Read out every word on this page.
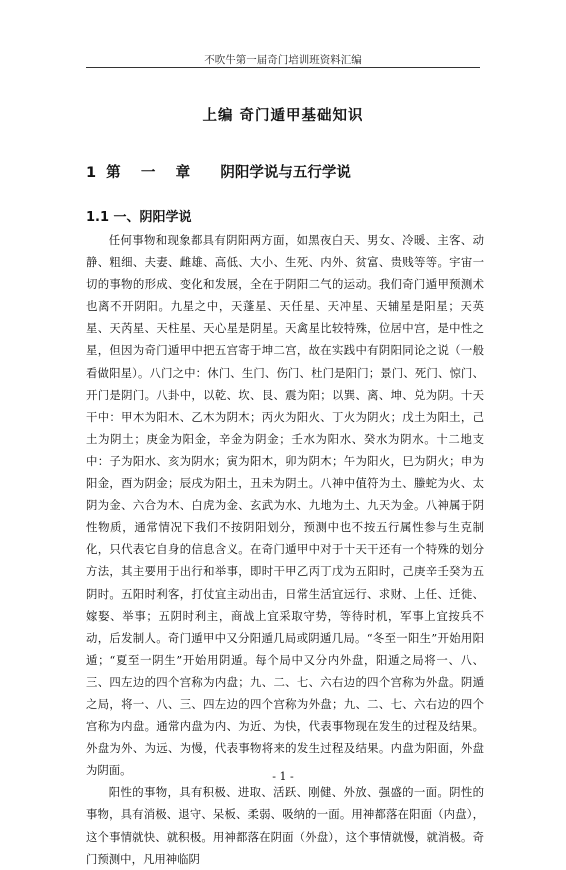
不吹牛第一届奇门培训班资料汇编
上编 奇门遁甲基础知识
1  第    一    章      阴阳学说与五行学说
1.1 一、阴阳学说

任何事物和现象都具有阴阳两方面，如黑夜白天、男女、冷暖、主客、动静、粗细、夫妻、雌雄、高低、大小、生死、内外、贫富、贵贱等等。宇宙一切的事物的形成、变化和发展，全在于阴阳二气的运动。我们奇门遁甲预测术也离不开阴阳。九星之中，天蓬星、天任星、天冲星、天辅星是阳星；天英星、天芮星、天柱星、天心星是阴星。天禽星比较特殊，位居中宫，是中性之星，但因为奇门遁甲中把五宫寄于坤二宫，故在实践中有阴阳同论之说（一般看做阳星）。八门之中：休门、生门、伤门、杜门是阳门；景门、死门、惊门、开门是阴门。八卦中，以乾、坎、艮、震为阳；以巽、离、坤、兑为阴。十天干中：甲木为阳木、乙木为阴木；丙火为阳火、丁火为阴火；戊土为阳土，己土为阴土；庚金为阳金，辛金为阴金；壬水为阳水、癸水为阴水。十二地支中：子为阳水、亥为阴水；寅为阳木，卯为阴木；午为阳火，巳为阴火；申为阳金，酉为阴金；辰戌为阳土，丑未为阴土。八神中值符为土、螣蛇为火、太阴为金、六合为木、白虎为金、玄武为水、九地为土、九天为金。八神属于阴性物质，通常情况下我们不按阴阳划分，预测中也不按五行属性参与生克制化，只代表它自身的信息含义。在奇门遁甲中对于十天干还有一个特殊的划分方法，其主要用于出行和举事，即时干甲乙丙丁戊为五阳时，己庚辛壬癸为五阴时。五阳时利客，打仗宜主动出击，日常生活宜远行、求财、上任、迁徙、嫁娶、举事；五阴时利主，商战上宜采取守势，等待时机，军事上宜按兵不动，后发制人。奇门遁甲中又分阳遁几局或阴遁几局。“冬至一阳生”开始用阳遁；“夏至一阴生”开始用阴遁。每个局中又分内外盘，阳遁之局将一、八、三、四左边的四个宫称为内盘；九、二、七、六右边的四个宫称为外盘。阴遁之局，将一、八、三、四左边的四个宫称为外盘；九、二、七、六右边的四个宫称为内盘。通常内盘为内、为近、为快，代表事物现在发生的过程及结果。外盘为外、为远、为慢，代表事物将来的发生过程及结果。内盘为阳面，外盘为阴面。

阳性的事物，具有积极、进取、活跃、刚健、外放、强盛的一面。阴性的事物，具有消极、退守、呆板、柔弱、吸纳的一面。用神都落在阳面（内盘），这个事情就快、就积极。用神都落在阴面（外盘），这个事情就慢，就消极。奇门预测中，凡用神临阴

- 1 -
